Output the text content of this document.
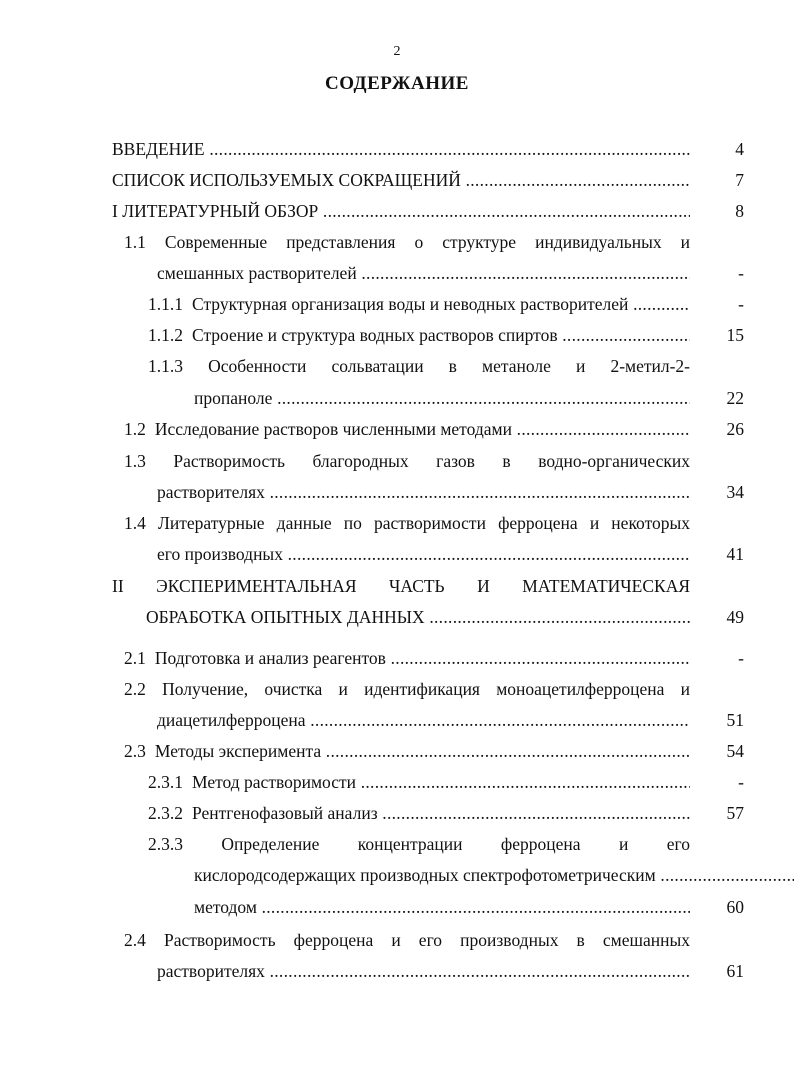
2
СОДЕРЖАНИЕ
ВВЕДЕНИЕ .....	4
СПИСОК ИСПОЛЬЗУЕМЫХ СОКРАЩЕНИЙ .....	7
I ЛИТЕРАТУРНЫЙ ОБЗОР .....	8
1.1 Современные представления о структуре индивидуальных и
смешанных растворителей .....	-
1.1.1 Структурная организация воды и неводных растворителей .....	-
1.1.2 Строение и структура водных растворов спиртов .....	15
1.1.3 Особенности сольватации в метаноле и 2-метил-2-
пропаноле .....	22
1.2 Исследование растворов численными методами .....	26
1.3 Растворимость благородных газов в водно-органических
растворителях .....	34
1.4 Литературные данные по растворимости ферроцена и некоторых
его производных .....	41
II ЭКСПЕРИМЕНТАЛЬНАЯ ЧАСТЬ И МАТЕМАТИЧЕСКАЯ
ОБРАБОТКА ОПЫТНЫХ ДАННЫХ .....	49
2.1 Подготовка и анализ реагентов .....	-
2.2 Получение, очистка и идентификация моноацетилферроцена и
диацетилферроцена .....	51
2.3 Методы эксперимента .....	54
2.3.1 Метод растворимости .....	-
2.3.2 Рентгенофазовый анализ .....	57
2.3.3 Определение концентрации ферроцена и его
кислородсодержащих производных спектрофотометрическим .....
методом .....	60
2.4 Растворимость ферроцена и его производных в смешанных
растворителях .....	61
